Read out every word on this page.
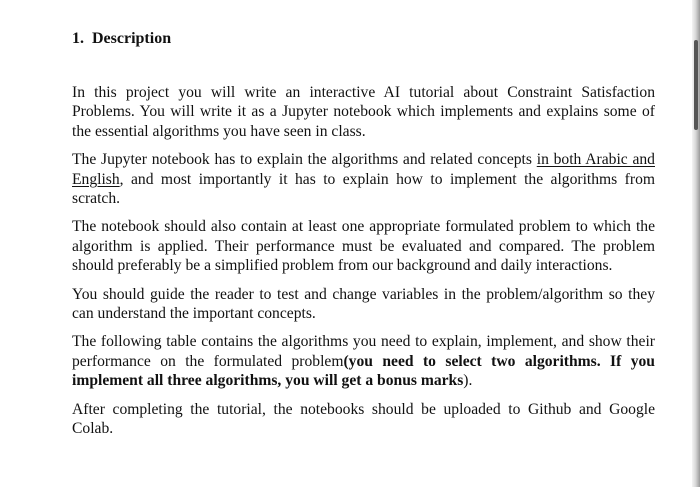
1. Description

In this project you will write an interactive AI tutorial about Constraint Satisfaction Problems. You will write it as a Jupyter notebook which implements and explains some of the essential algorithms you have seen in class.

The Jupyter notebook has to explain the algorithms and related concepts in both Arabic and English, and most importantly it has to explain how to implement the algorithms from scratch.

The notebook should also contain at least one appropriate formulated problem to which the algorithm is applied. Their performance must be evaluated and compared. The problem should preferably be a simplified problem from our background and daily interactions.

You should guide the reader to test and change variables in the problem/algorithm so they can understand the important concepts.

The following table contains the algorithms you need to explain, implement, and show their performance on the formulated problem(you need to select two algorithms. If you implement all three algorithms, you will get a bonus marks).

After completing the tutorial, the notebooks should be uploaded to Github and Google Colab.
